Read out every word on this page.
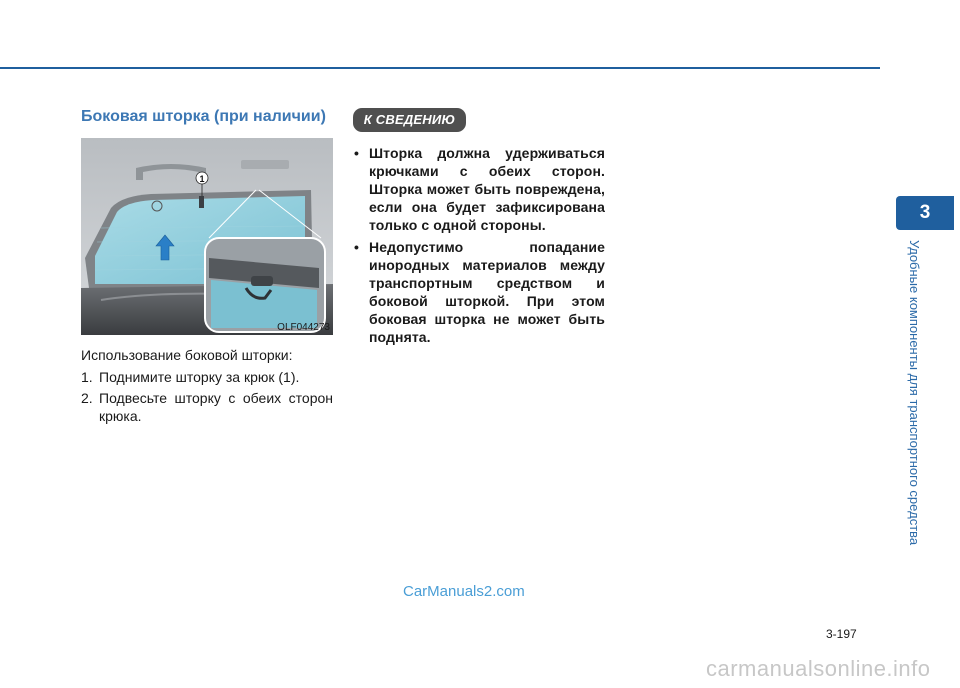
Боковая шторка (при наличии)
1
OLF044273

Использование боковой шторки:

1. Поднимите шторку за крюк (1).
2. Подвесьте шторку с обеих сторон крюка.
К СВЕДЕНИЮ
• Шторка должна удерживаться крючками с обеих сторон. Шторка может быть повреждена, если она будет зафиксирована только с одной стороны.
• Недопустимо попадание инородных материалов между транспортным средством и боковой шторкой. При этом боковая шторка не может быть поднята.
3
Удобные компоненты для транспортного средства
CarManuals2.com
3-197
carmanualsonline.info
